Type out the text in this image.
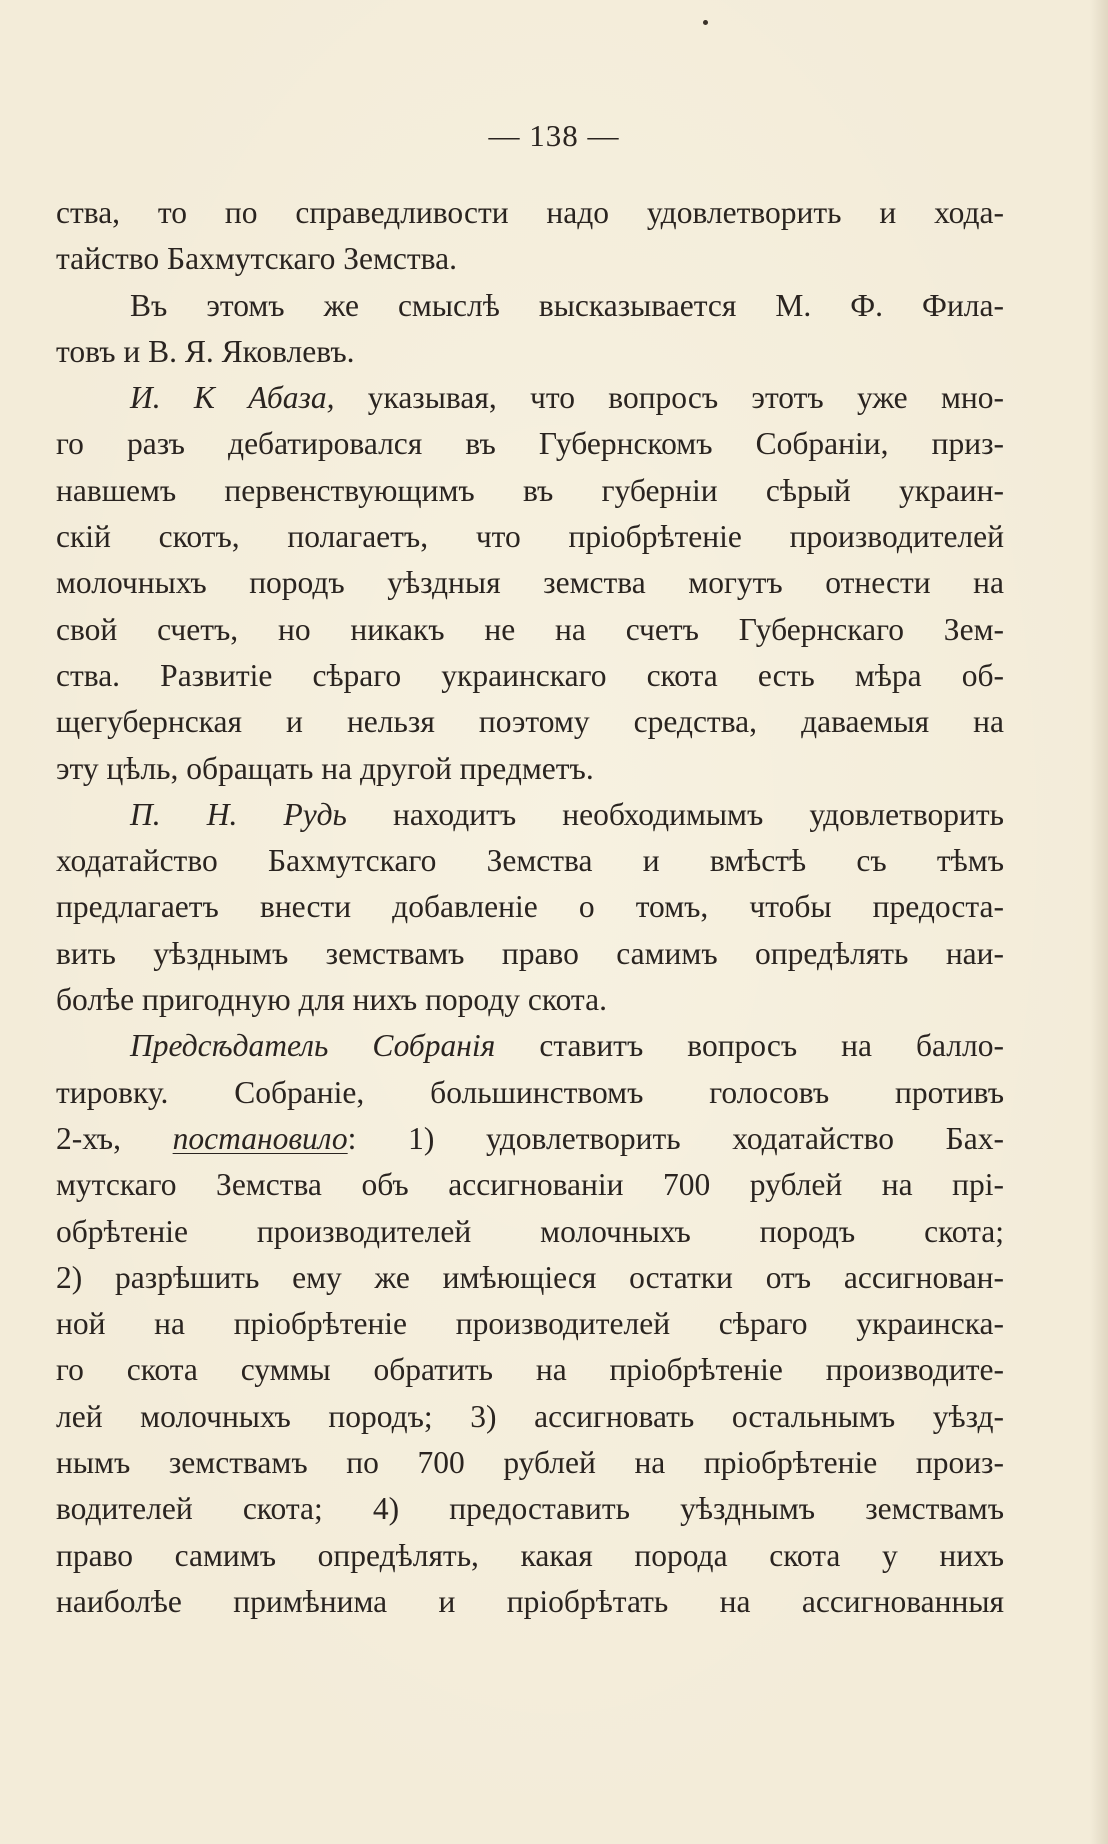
— 138 —
ства, то по справедливости надо удовлетворить и хода-
тайство Бахмутскаго Земства.
Въ этомъ же смыслѣ высказывается М. Ф. Фила-
товъ и В. Я. Яковлевъ.
И. К Абаза, указывая, что вопросъ этотъ уже мно-
го разъ дебатировался въ Губернскомъ Собраніи, приз-
навшемъ первенствующимъ въ губерніи сѣрый украин-
скій скотъ, полагаетъ, что пріобрѣтеніе производителей
молочныхъ породъ уѣздныя земства могутъ отнести на
свой счетъ, но никакъ не на счетъ Губернскаго Зем-
ства. Развитіе сѣраго украинскаго скота есть мѣра об-
щегубернская и нельзя поэтому средства, даваемыя на
эту цѣль, обращать на другой предметъ.
П. Н. Рудь находитъ необходимымъ удовлетворить
ходатайство Бахмутскаго Земства и вмѣстѣ съ тѣмъ
предлагаетъ внести добавленіе о томъ, чтобы предоста-
вить уѣзднымъ земствамъ право самимъ опредѣлять наи-
болѣе пригодную для нихъ породу скота.
Предсѣдатель Собранія ставитъ вопросъ на балло-
тировку. Собраніе, большинствомъ голосовъ противъ
2-хъ, постановило: 1) удовлетворить ходатайство Бах-
мутскаго Земства объ ассигнованіи 700 рублей на прі-
обрѣтеніе производителей молочныхъ породъ скота;
2) разрѣшить ему же имѣющіеся остатки отъ ассигнован-
ной на пріобрѣтеніе производителей сѣраго украинска-
го скота суммы обратить на пріобрѣтеніе производите-
лей молочныхъ породъ; 3) ассигновать остальнымъ уѣзд-
нымъ земствамъ по 700 рублей на пріобрѣтеніе произ-
водителей скота; 4) предоставить уѣзднымъ земствамъ
право самимъ опредѣлять, какая порода скота у нихъ
наиболѣе примѣнима и пріобрѣтать на ассигнованныя
